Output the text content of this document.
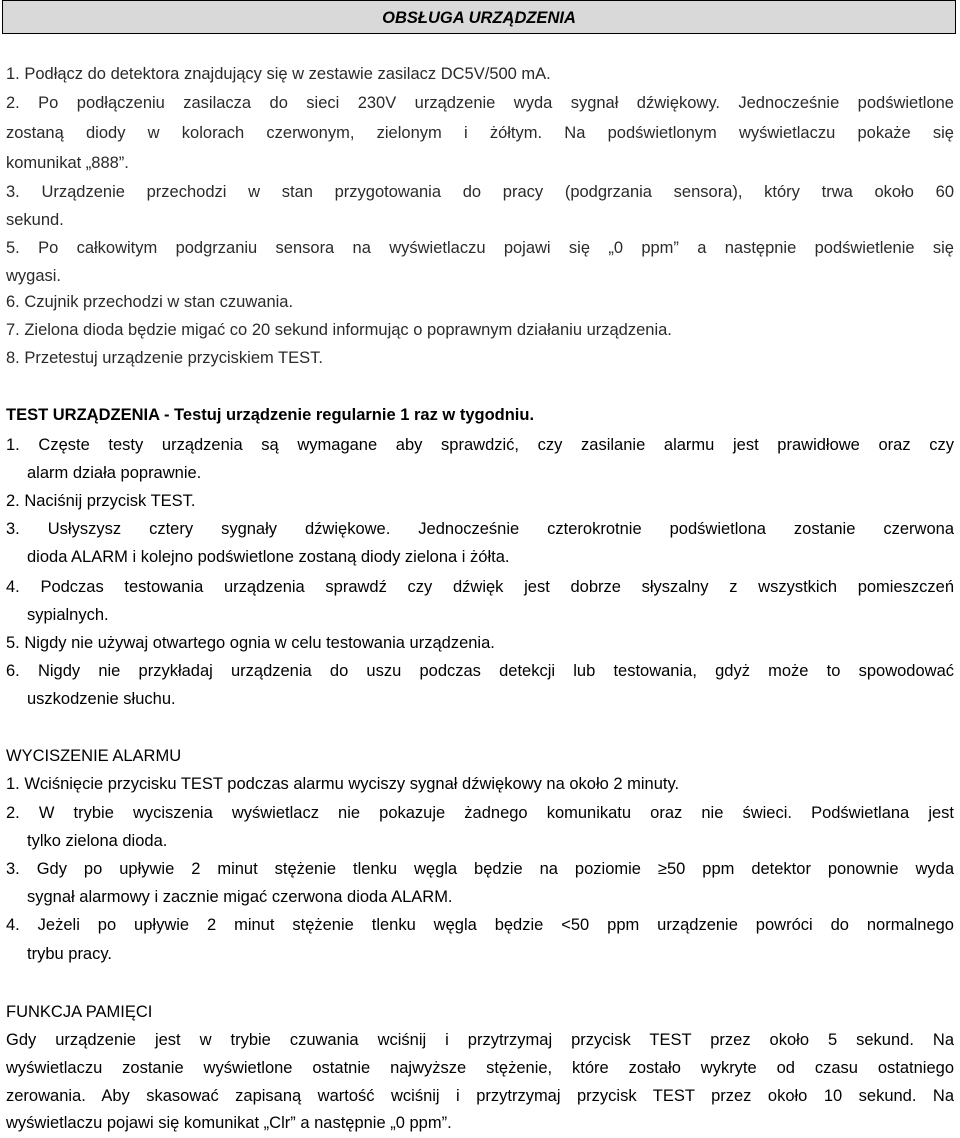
OBSŁUGA URZĄDZENIA
1. Podłącz do detektora znajdujący się w zestawie zasilacz DC5V/500 mA.
2. Po podłączeniu zasilacza do sieci 230V urządzenie wyda sygnał dźwiękowy. Jednocześnie podświetlone
zostaną diody w kolorach czerwonym, zielonym i żółtym. Na podświetlonym wyświetlaczu pokaże się
komunikat „888”.
3. Urządzenie przechodzi w stan przygotowania do pracy (podgrzania sensora), który trwa około 60
sekund.
5. Po całkowitym podgrzaniu sensora na wyświetlaczu pojawi się „0 ppm” a następnie podświetlenie się
wygasi.
6. Czujnik przechodzi w stan czuwania.
7. Zielona dioda będzie migać co 20 sekund informując o poprawnym działaniu urządzenia.
8. Przetestuj urządzenie przyciskiem TEST.
TEST URZĄDZENIA - Testuj urządzenie regularnie 1 raz w tygodniu.
1. Częste testy urządzenia są wymagane aby sprawdzić, czy zasilanie alarmu jest prawidłowe oraz czy
alarm działa poprawnie.
2. Naciśnij przycisk TEST.
3. Usłyszysz cztery sygnały dźwiękowe. Jednocześnie czterokrotnie podświetlona zostanie czerwona
dioda ALARM i kolejno podświetlone zostaną diody zielona i żółta.
4. Podczas testowania urządzenia sprawdź czy dźwięk jest dobrze słyszalny z wszystkich pomieszczeń
sypialnych.
5. Nigdy nie używaj otwartego ognia w celu testowania urządzenia.
6. Nigdy nie przykładaj urządzenia do uszu podczas detekcji lub testowania, gdyż może to spowodować
uszkodzenie słuchu.
WYCISZENIE ALARMU
1. Wciśnięcie przycisku TEST podczas alarmu wyciszy sygnał dźwiękowy na około 2 minuty.
2. W trybie wyciszenia wyświetlacz nie pokazuje żadnego komunikatu oraz nie świeci. Podświetlana jest
tylko zielona dioda.
3. Gdy po upływie 2 minut stężenie tlenku węgla będzie na poziomie ≥50 ppm detektor ponownie wyda
sygnał alarmowy i zacznie migać czerwona dioda ALARM.
4. Jeżeli po upływie 2 minut stężenie tlenku węgla będzie <50 ppm urządzenie powróci do normalnego
trybu pracy.
FUNKCJA PAMIĘCI
Gdy urządzenie jest w trybie czuwania wciśnij i przytrzymaj przycisk TEST przez około 5 sekund. Na
wyświetlaczu zostanie wyświetlone ostatnie najwyższe stężenie, które zostało wykryte od czasu ostatniego
zerowania. Aby skasować zapisaną wartość wciśnij i przytrzymaj przycisk TEST przez około 10 sekund. Na
wyświetlaczu pojawi się komunikat „Clr” a następnie „0 ppm”.
